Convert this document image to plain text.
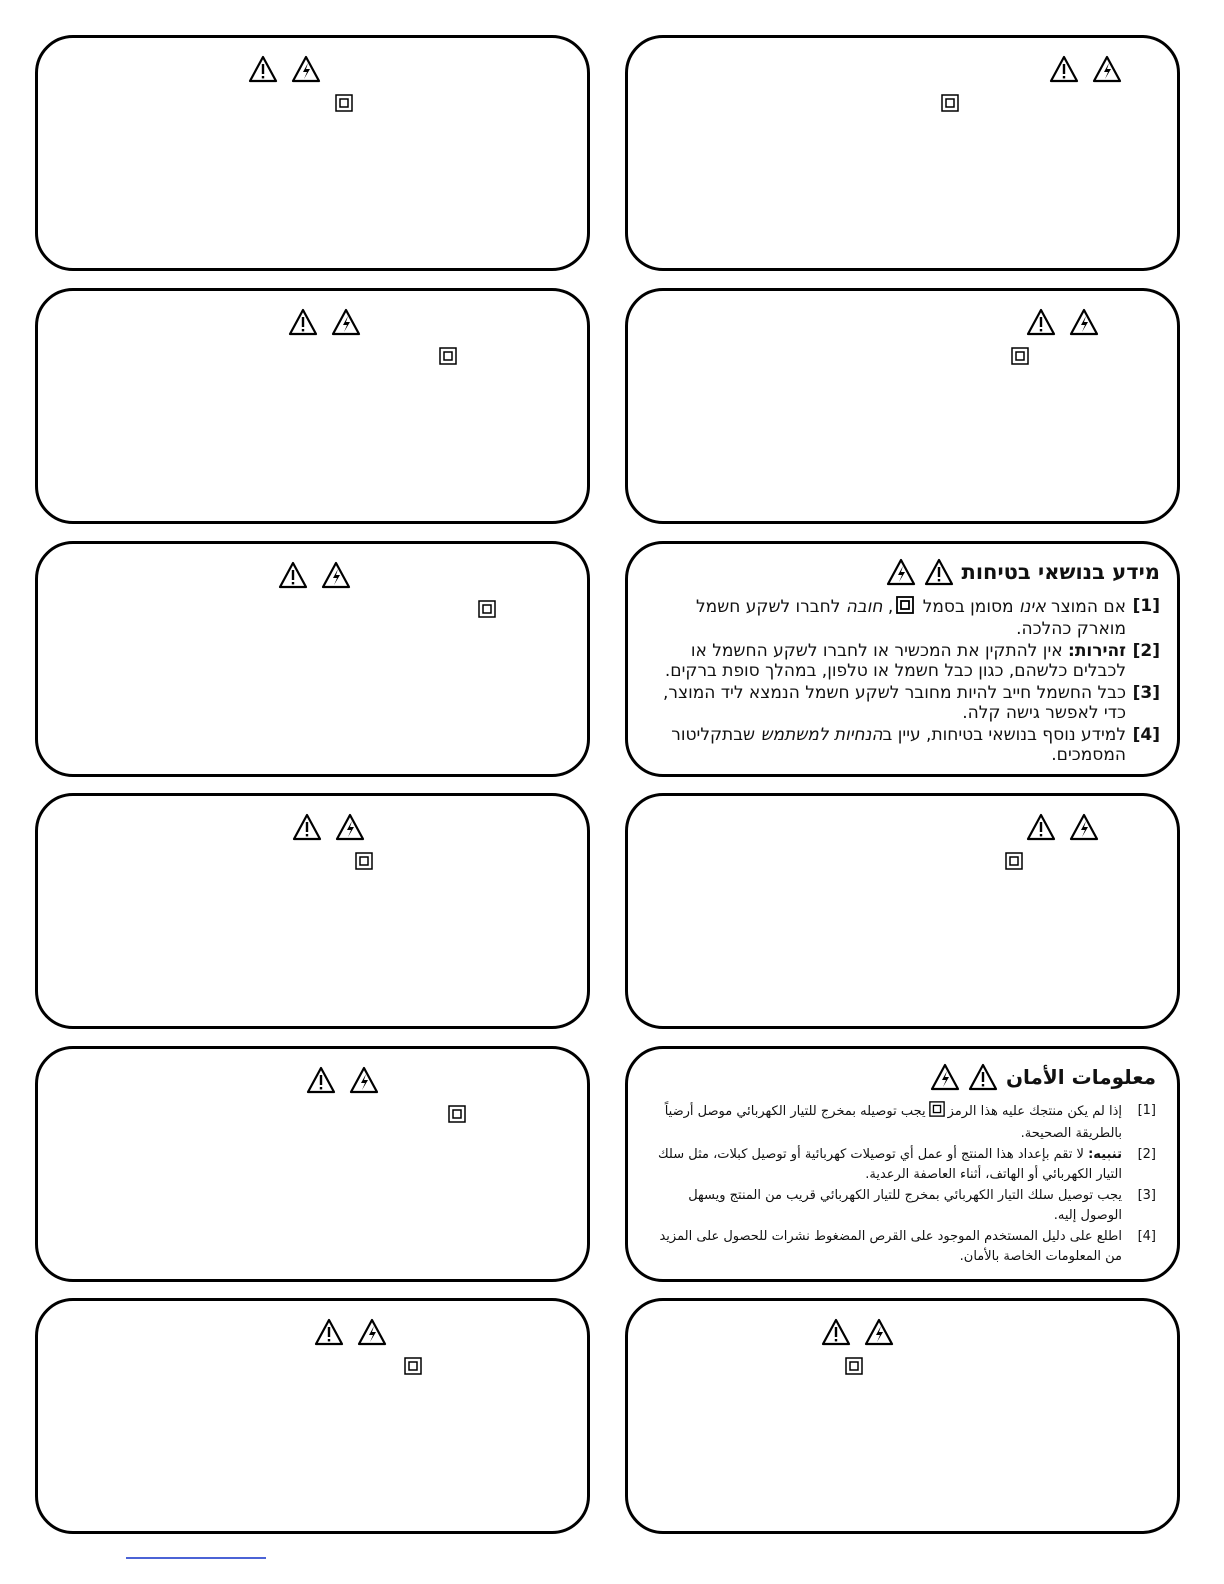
מידע בנושאי בטיחות
[1]
אם המוצר אינו מסומן בסמל , חובה לחברו לשקע חשמל מוארק כהלכה.
[2]
זהירות: אין להתקין את המכשיר או לחברו לשקע החשמל או לכבלים כלשהם, כגון כבל חשמל או טלפון, במהלך סופת ברקים.
[3]
כבל החשמל חייב להיות מחובר לשקע חשמל הנמצא ליד המוצר, כדי לאפשר גישה קלה.
[4]
למידע נוסף בנושאי בטיחות, עיין בהנחיות למשתמש שבתקליטור המסמכים.
معلومات الأمان
[1]
إذا لم يكن منتجك عليه هذا الرمزيجب توصيله بمخرج للتيار الكهربائي موصل أرضياً بالطريقة الصحيحة.
[2]
تنبيه: لا تقم بإعداد هذا المنتج أو عمل أي توصيلات كهربائية أو توصيل كبلات، مثل سلك التيار الكهربائي أو الهاتف، أثناء العاصفة الرعدية.
[3]
يجب توصيل سلك التيار الكهربائي بمخرج للتيار الكهربائي قريب من المنتج ويسهل الوصول إليه.
[4]
اطلع على دليل المستخدم الموجود على القرص المضغوط نشرات للحصول على المزيد من المعلومات الخاصة بالأمان.
